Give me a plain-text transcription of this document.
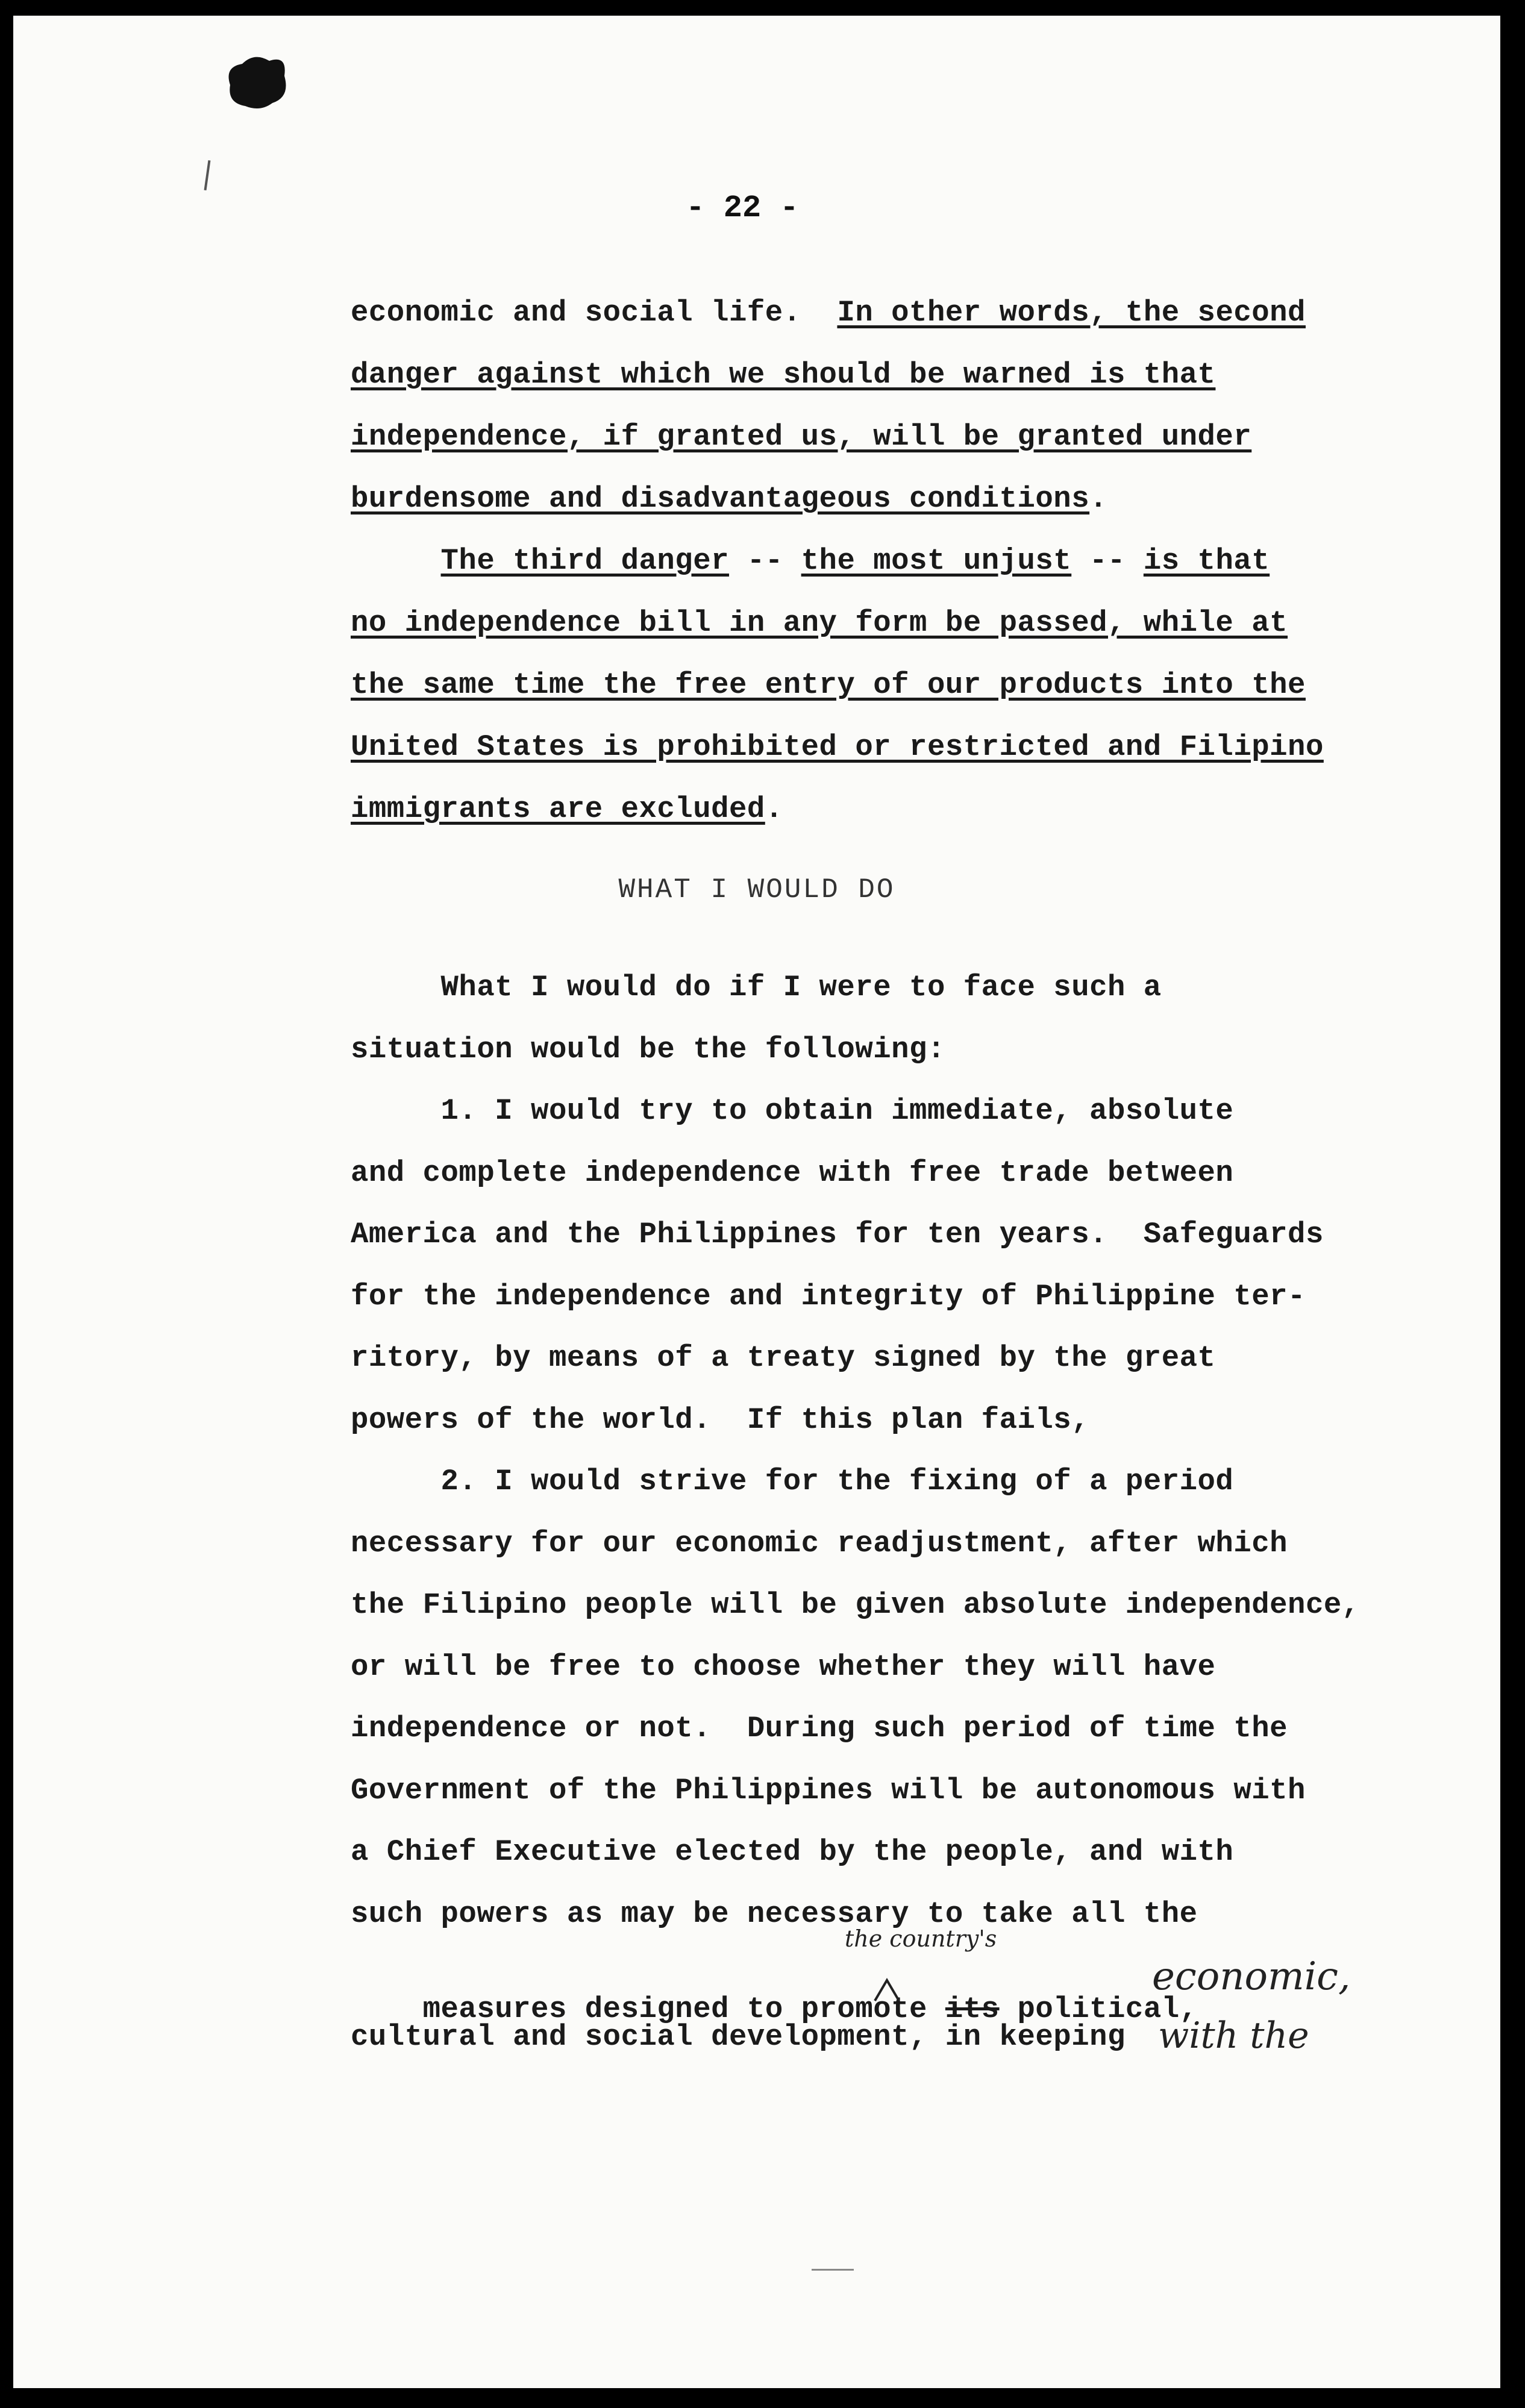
- 22 -
economic and social life.  In other words, the second
danger against which we should be warned is that
independence, if granted us, will be granted under
burdensome and disadvantageous conditions.
The third danger -- the most unjust -- is that
no independence bill in any form be passed, while at
the same time the free entry of our products into the
United States is prohibited or restricted and Filipino
immigrants are excluded.
WHAT I WOULD DO
What I would do if I were to face such a
situation would be the following:
1. I would try to obtain immediate, absolute
and complete independence with free trade between
America and the Philippines for ten years.  Safeguards
for the independence and integrity of Philippine ter-
ritory, by means of a treaty signed by the great
powers of the world.  If this plan fails,
2. I would strive for the fixing of a period
necessary for our economic readjustment, after which
the Filipino people will be given absolute independence,
or will be free to choose whether they will have
independence or not.  During such period of time the
Government of the Philippines will be autonomous with
a Chief Executive elected by the people, and with
such powers as may be necessary to take all the

measures designed to promote its political,

cultural and social development, in keeping
the country's
economic,
with the
